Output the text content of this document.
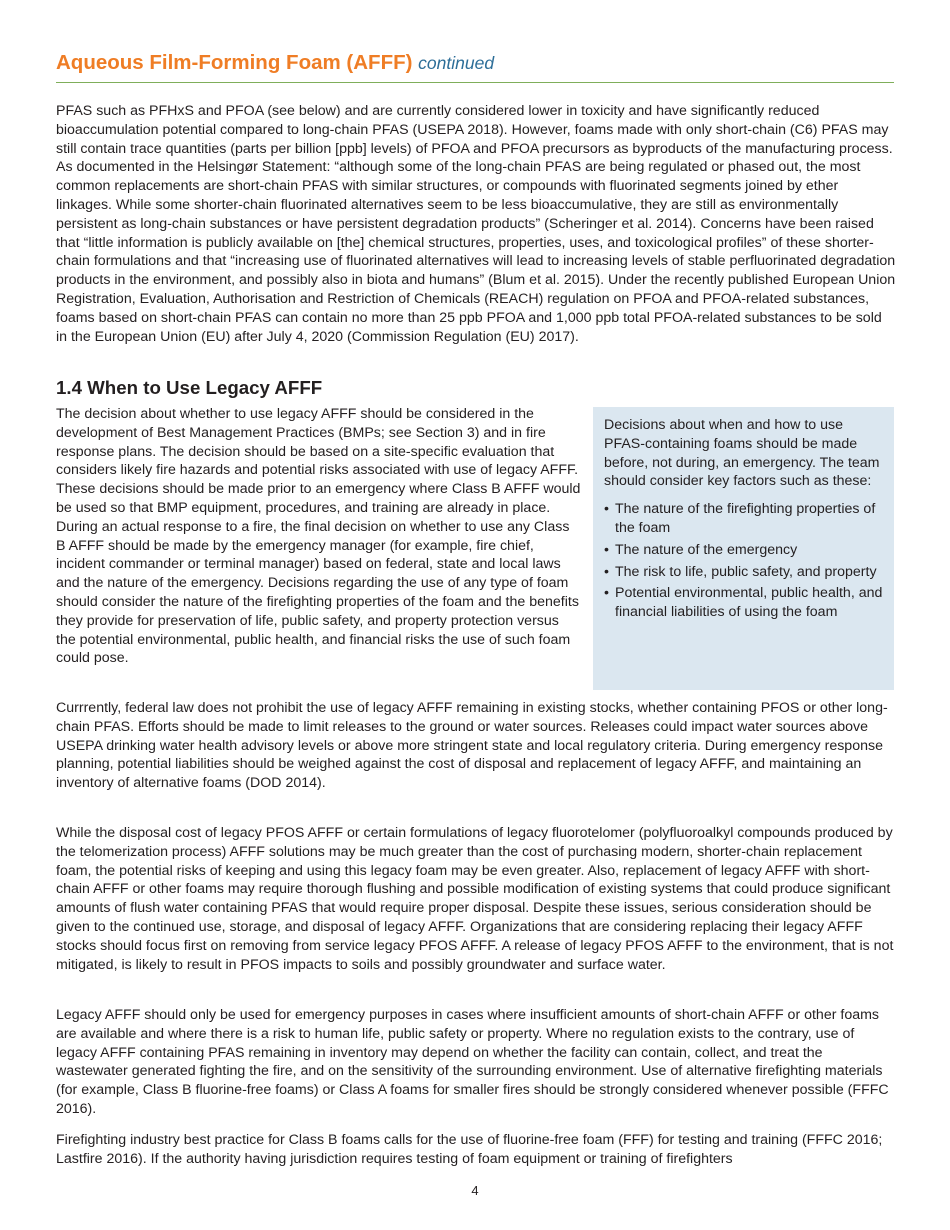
Aqueous Film-Forming Foam (AFFF) continued

PFAS such as PFHxS and PFOA (see below) and are currently considered lower in toxicity and have significantly reduced bioaccumulation potential compared to long-chain PFAS (USEPA 2018). However, foams made with only short-chain (C6) PFAS may still contain trace quantities (parts per billion [ppb] levels) of PFOA and PFOA precursors as byproducts of the manufacturing process. As documented in the Helsingør Statement: “although some of the long-chain PFAS are being regulated or phased out, the most common replacements are short-chain PFAS with similar structures, or compounds with fluorinated segments joined by ether linkages. While some shorter-chain fluorinated alternatives seem to be less bioaccumulative, they are still as environmentally persistent as long-chain substances or have persistent degradation products” (Scheringer et al. 2014). Concerns have been raised that “little information is publicly available on [the] chemical structures, properties, uses, and toxicological profiles” of these shorter-chain formulations and that “increasing use of fluorinated alternatives will lead to increasing levels of stable perfluorinated degradation products in the environment, and possibly also in biota and humans” (Blum et al. 2015). Under the recently published European Union Registration, Evaluation, Authorisation and Restriction of Chemicals (REACH) regulation on PFOA and PFOA-related substances, foams based on short-chain PFAS can contain no more than 25 ppb PFOA and 1,000 ppb total PFOA-related substances to be sold in the European Union (EU) after July 4, 2020 (Commission Regulation (EU) 2017).

1.4 When to Use Legacy AFFF

The decision about whether to use legacy AFFF should be considered in the development of Best Management Practices (BMPs; see Section 3) and in fire response plans. The decision should be based on a site-specific evaluation that considers likely fire hazards and potential risks associated with use of legacy AFFF. These decisions should be made prior to an emergency where Class B AFFF would be used so that BMP equipment, procedures, and training are already in place. During an actual response to a fire, the final decision on whether to use any Class B AFFF should be made by the emergency manager (for example, fire chief, incident commander or terminal manager) based on federal, state and local laws and the nature of the emergency. Decisions regarding the use of any type of foam should consider the nature of the firefighting properties of the foam and the benefits they provide for preservation of life, public safety, and property protection versus the potential environmental, public health, and financial risks the use of such foam could pose.

Decisions about when and how to use PFAS-containing foams should be made before, not during, an emergency. The team should consider key factors such as these:

• The nature of the firefighting properties of the foam
• The nature of the emergency
• The risk to life, public safety, and property
• Potential environmental, public health, and financial liabilities of using the foam

Currrently, federal law does not prohibit the use of legacy AFFF remaining in existing stocks, whether containing PFOS or other long-chain PFAS. Efforts should be made to limit releases to the ground or water sources. Releases could impact water sources above USEPA drinking water health advisory levels or above more stringent state and local regulatory criteria. During emergency response planning, potential liabilities should be weighed against the cost of disposal and replacement of legacy AFFF, and maintaining an inventory of alternative foams (DOD 2014).

While the disposal cost of legacy PFOS AFFF or certain formulations of legacy fluorotelomer (polyfluoroalkyl compounds produced by the telomerization process) AFFF solutions may be much greater than the cost of purchasing modern, shorter-chain replacement foam, the potential risks of keeping and using this legacy foam may be even greater. Also, replacement of legacy AFFF with short-chain AFFF or other foams may require thorough flushing and possible modification of existing systems that could produce significant amounts of flush water containing PFAS that would require proper disposal. Despite these issues, serious consideration should be given to the continued use, storage, and disposal of legacy AFFF. Organizations that are considering replacing their legacy AFFF stocks should focus first on removing from service legacy PFOS AFFF. A release of legacy PFOS AFFF to the environment, that is not mitigated, is likely to result in PFOS impacts to soils and possibly groundwater and surface water.

Legacy AFFF should only be used for emergency purposes in cases where insufficient amounts of short-chain AFFF or other foams are available and where there is a risk to human life, public safety or property. Where no regulation exists to the contrary, use of legacy AFFF containing PFAS remaining in inventory may depend on whether the facility can contain, collect, and treat the wastewater generated fighting the fire, and on the sensitivity of the surrounding environment. Use of alternative firefighting materials (for example, Class B fluorine-free foams) or Class A foams for smaller fires should be strongly considered whenever possible (FFFC 2016).

Firefighting industry best practice for Class B foams calls for the use of fluorine-free foam (FFF) for testing and training (FFFC 2016; Lastfire 2016). If the authority having jurisdiction requires testing of foam equipment or training of firefighters

4
